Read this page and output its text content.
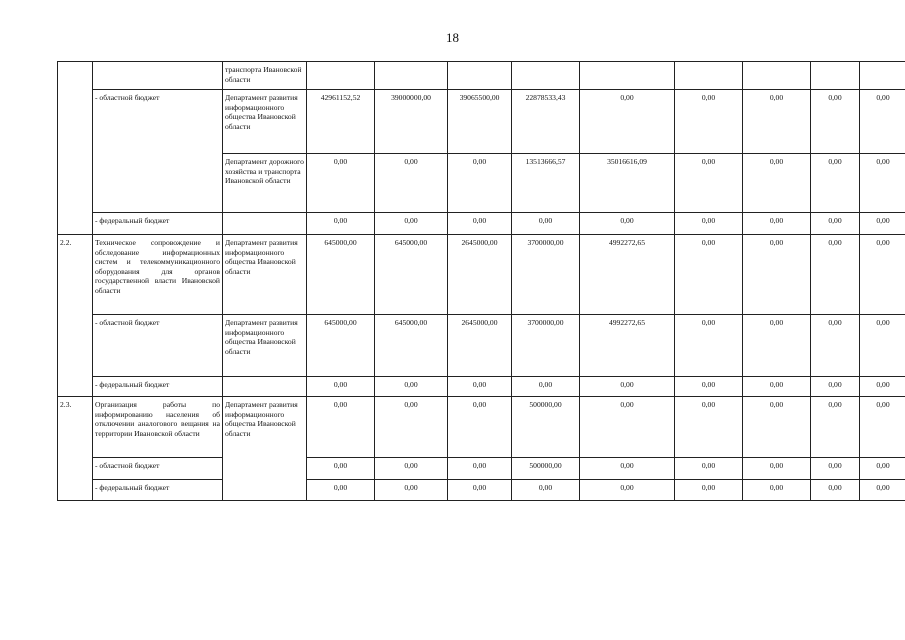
18
		транспорта Ивановской области									
	- областной бюджет	Департамент развития информационного общества Ивановской области	42961152,52	39000000,00	39065500,00	22878533,43	0,00	0,00	0,00	0,00	0,00
		Департамент дорожного хозяйства и транспорта Ивановской области	0,00	0,00	0,00	13513666,57	35016616,09	0,00	0,00	0,00	0,00
	- федеральный бюджет		0,00	0,00	0,00	0,00	0,00	0,00	0,00	0,00	0,00
2.2.	Техническое сопровождение и обследование информационных систем и телекоммуникационного оборудования для органов государственной власти Ивановской области	Департамент развития информационного общества Ивановской области	645000,00	645000,00	2645000,00	3700000,00	4992272,65	0,00	0,00	0,00	0,00
	- областной бюджет	Департамент развития информационного общества Ивановской области	645000,00	645000,00	2645000,00	3700000,00	4992272,65	0,00	0,00	0,00	0,00
	- федеральный бюджет		0,00	0,00	0,00	0,00	0,00	0,00	0,00	0,00	0,00
2.3.	Организация работы по информированию населения об отключении аналогового вещания на территории Ивановской области	Департамент развития информационного общества Ивановской области	0,00	0,00	0,00	500000,00	0,00	0,00	0,00	0,00	0,00
	- областной бюджет		0,00	0,00	0,00	500000,00	0,00	0,00	0,00	0,00	0,00
	- федеральный бюджет		0,00	0,00	0,00	0,00	0,00	0,00	0,00	0,00	0,00
